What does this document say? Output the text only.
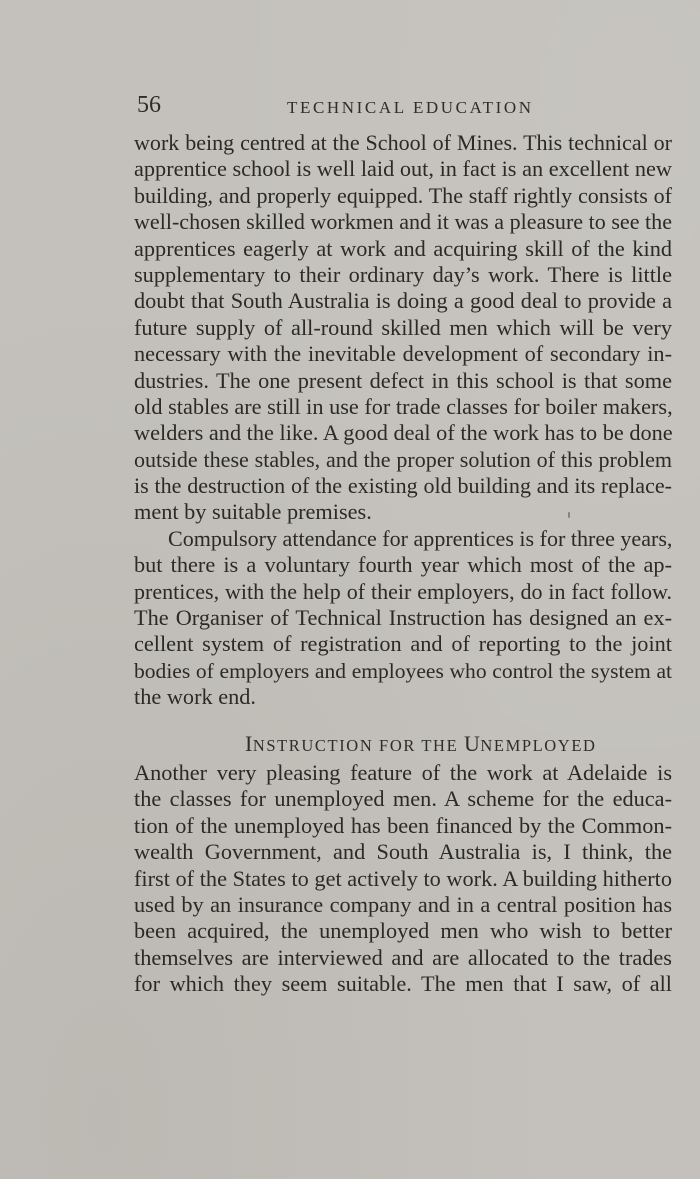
56	TECHNICAL EDUCATION
work being centred at the School of Mines. This technical or
apprentice school is well laid out, in fact is an excellent new
building, and properly equipped. The staff rightly consists of
well-chosen skilled workmen and it was a pleasure to see the
apprentices eagerly at work and acquiring skill of the kind
supplementary to their ordinary day’s work. There is little
doubt that South Australia is doing a good deal to provide a
future supply of all-round skilled men which will be very
necessary with the inevitable development of secondary in-
dustries. The one present defect in this school is that some
old stables are still in use for trade classes for boiler makers,
welders and the like. A good deal of the work has to be done
outside these stables, and the proper solution of this problem
is the destruction of the existing old building and its replace-
ment by suitable premises.
Compulsory attendance for apprentices is for three years,
but there is a voluntary fourth year which most of the ap-
prentices, with the help of their employers, do in fact follow.
The Organiser of Technical Instruction has designed an ex-
cellent system of registration and of reporting to the joint
bodies of employers and employees who control the system at
the work end.
INSTRUCTION FOR THE UNEMPLOYED
Another very pleasing feature of the work at Adelaide is
the classes for unemployed men. A scheme for the educa-
tion of the unemployed has been financed by the Common-
wealth Government, and South Australia is, I think, the
first of the States to get actively to work. A building hitherto
used by an insurance company and in a central position has
been acquired, the unemployed men who wish to better
themselves are interviewed and are allocated to the trades
for which they seem suitable. The men that I saw, of all
